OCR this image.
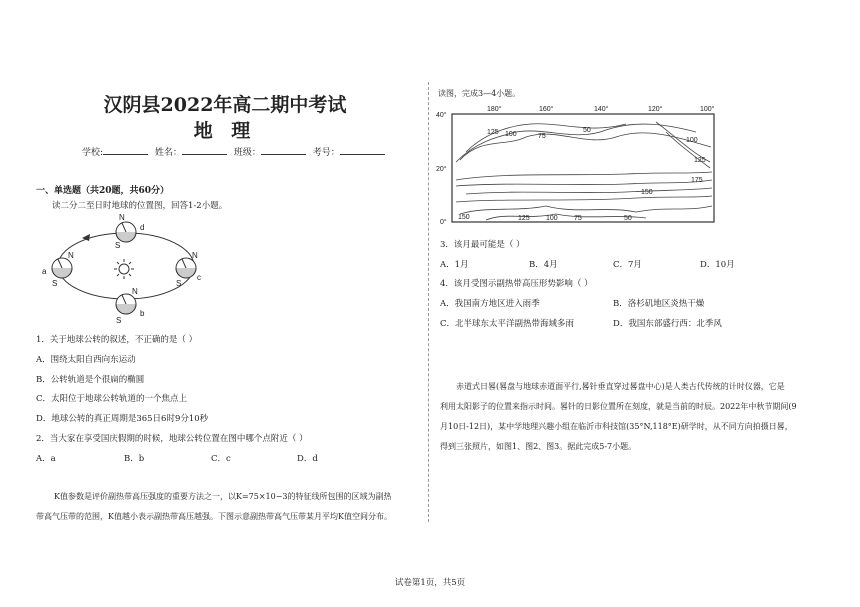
汉阴县2022年高二期中考试
地 理
学校:	姓名：	班级：	考号：
一、单选题（共20题，共60分）
读二分二至日时地球的位置图，回答1-2小题。
N
d
S
N
a
S
N
c
S
N
b
S
1．关于地球公转的叙述，不正确的是（ ）
A．围绕太阳自西向东运动
B．公转轨道是个很扁的椭圆
C．太阳位于地球公转轨道的一个焦点上
D．地球公转的真正周期是365日6时9分10秒
2．当大家在享受国庆假期的时候，地球公转位置在图中哪个点附近（ ）
A．a	B．b	C．c	D．d
K值参数是评价副热带高压强度的重要方法之一，以K=75×10−3的特征线所包围的区域为副热
带高气压带的范围，K值越小表示副热带高压越强。下图示意副热带高气压带某月平均K值空间分布。
读图，完成3—4小题。
180°	160°	140°	120°	100°
40°
20°
0°
125 100	75
50
100
125
175
150
150	125 100 75	50
3．该月最可能是（ ）
A．1月	B．4月	C．7月	D．10月
4．该月受图示副热带高压形势影响（ ）
A．我国南方地区进入雨季	B．洛杉矶地区炎热干燥
C．北半球东太平洋副热带海域多雨	D．我国东部盛行西：北季风
赤道式日晷(晷盘与地球赤道面平行,晷针垂直穿过晷盘中心)是人类古代传统的计时仪器，它是
利用太阳影子的位置来指示时间。晷针的日影位置所在刻度，就是当前的时辰。2022年中秋节期间(9
月10日-12日)，某中学地理兴趣小组在临沂市科技馆(35°N,118°E)研学时，从不同方向拍摄日晷，
得到三张照片，如图1、图2、图3。据此完成5-7小题。
试卷第1页，共5页
